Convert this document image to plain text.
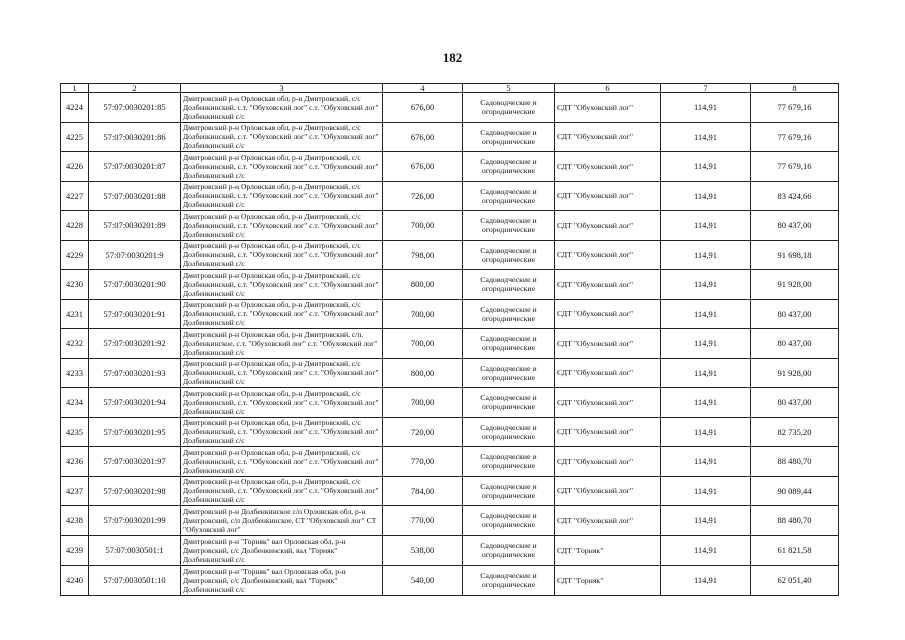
182
1	2	3	4	5	6	7	8
4224	57:07:0030201:85	Дмитровский р-н Орловская обл, р-н Дмитровский, с/с Долбенкинский, с.т. "Обуховский лог" с.т. "Обуховский лог" Долбенкинский с/с	676,00	Садоводческие и огороднические	СДТ "Обуховский лог"	114,91	77 679,16
4225	57:07:0030201:86	Дмитровский р-н Орловская обл, р-н Дмитровский, с/с Долбенкинский, с.т. "Обуховский лог" с.т. "Обуховский лог" Долбенкинский с/с	676,00	Садоводческие и огороднические	СДТ "Обуховский лог"	114,91	77 679,16
4226	57:07:0030201:87	Дмитровский р-н Орловская обл, р-н Дмитровский, с/с Долбенкинский, с.т. "Обуховский лог" с.т. "Обуховский лог" Долбенкинский с/с	676,00	Садоводческие и огороднические	СДТ "Обуховский лог"	114,91	77 679,16
4227	57:07:0030201:88	Дмитровский р-н Орловская обл, р-н Дмитровский, с/с Долбенкинский, с.т. "Обуховский лог" с.т. "Обуховский лог" Долбенкинский с/с	726,00	Садоводческие и огороднические	СДТ "Обуховский лог"	114,91	83 424,66
4228	57:07:0030201:89	Дмитровский р-н Орловская обл, р-н Дмитровский, с/с Долбенкинский, с.т. "Обуховский лог" с.т. "Обуховский лог" Долбенкинский с/с	700,00	Садоводческие и огороднические	СДТ "Обуховский лог"	114,91	80 437,00
4229	57:07:0030201:9	Дмитровский р-н Орловская обл, р-н Дмитровский, с/с Долбенкинский, с.т. "Обуховский лог" с.т. "Обуховский лог" Долбенкинский с/с	798,00	Садоводческие и огороднические	СДТ "Обуховский лог"	114,91	91 698,18
4230	57:07:0030201:90	Дмитровский р-н Орловская обл, р-н Дмитровский, с/с Долбенкинский, с.т. "Обуховский лог" с.т. "Обуховский лог" Долбенкинский с/с	800,00	Садоводческие и огороднические	СДТ "Обуховский лог"	114,91	91 928,00
4231	57:07:0030201:91	Дмитровский р-н Орловская обл, р-н Дмитровский, с/с Долбенкинский, с.т. "Обуховский лог" с.т. "Обуховский лог" Долбенкинский с/с	700,00	Садоводческие и огороднические	СДТ "Обуховский лог"	114,91	80 437,00
4232	57:07:0030201:92	Дмитровский р-н Орловская обл, р-н Дмитровский, с/п. Долбенкинское, с.т. "Обуховский лог" с.т. "Обуховский лог" Долбенкинский с/с	700,00	Садоводческие и огороднические	СДТ "Обуховский лог"	114,91	80 437,00
4233	57:07:0030201:93	Дмитровский р-н Орловская обл, р-н Дмитровский, с/с Долбенкинский, с.т. "Обуховский лог" с.т. "Обуховский лог" Долбенкинский с/с	800,00	Садоводческие и огороднические	СДТ "Обуховский лог"	114,91	91 928,00
4234	57:07:0030201:94	Дмитровский р-н Орловская обл, р-н Дмитровский, с/с Долбенкинский, с.т. "Обуховский лог" с.т. "Обуховский лог" Долбенкинский с/с	700,00	Садоводческие и огороднические	СДТ "Обуховский лог"	114,91	80 437,00
4235	57:07:0030201:95	Дмитровский р-н Орловская обл, р-н Дмитровский, с/с Долбенкинский, с.т. "Обуховский лог" с.т. "Обуховский лог" Долбенкинский с/с	720,00	Садоводческие и огороднические	СДТ "Обуховский лог"	114,91	82 735,20
4236	57:07:0030201:97	Дмитровский р-н Орловская обл, р-н Дмитровский, с/с Долбенкинский, с.т. "Обуховский лог" с.т. "Обуховский лог" Долбенкинский с/с	770,00	Садоводческие и огороднические	СДТ "Обуховский лог"	114,91	88 480,70
4237	57:07:0030201:98	Дмитровский р-н Орловская обл, р-н Дмитровский, с/с Долбенкинский, с.т. "Обуховский лог" с.т. "Обуховский лог" Долбенкинский с/с	784,00	Садоводческие и огороднические	СДТ "Обуховский лог"	114,91	90 089,44
4238	57:07:0030201:99	Дмитровский р-н Долбенкинское с/п Орловская обл, р-н Дмитровский, с/п Долбенкинское, СТ "Обуховский лог" СТ "Обуховский лог"	770,00	Садоводческие и огороднические	СДТ "Обуховский лог"	114,91	88 480,70
4239	57:07:0030501:1	Дмитровский р-н "Горняк" вал Орловская обл, р-н Дмитровский, с/с Долбенкинский, вал "Горняк" Долбенкинский с/с	538,00	Садоводческие и огороднические	СДТ "Горняк"	114,91	61 821,58
4240	57:07:0030501:10	Дмитровский р-н "Горняк" вал Орловская обл, р-н Дмитровский, с/с Долбенкинский, вал "Горняк" Долбенкинский с/с	540,00	Садоводческие и огороднические	СДТ "Горняк"	114,91	62 051,40
